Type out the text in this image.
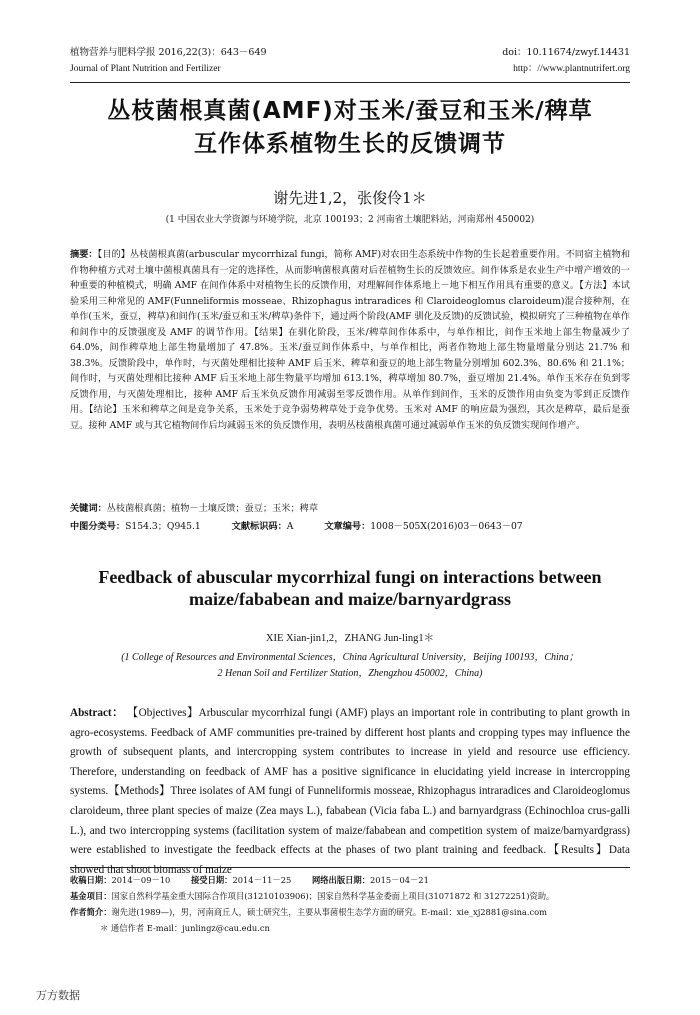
植物营养与肥料学报 2016,22(3)：643－649	doi：10.11674/zwyf.14431
Journal of Plant Nutrition and Fertilizer	http：//www.plantnutrifert.org
丛枝菌根真菌(AMF)对玉米/蚕豆和玉米/稗草
互作体系植物生长的反馈调节
谢先进1,2，张俊伶1＊
(1 中国农业大学资源与环境学院，北京 100193；2 河南省土壤肥料站，河南郑州 450002)
摘要：【目的】丛枝菌根真菌(arbuscular mycorrhizal fungi，简称 AMF)对农田生态系统中作物的生长起着重要作用。不同宿主植物和作物种植方式对土壤中菌根真菌具有一定的选择性，从而影响菌根真菌对后茬植物生长的反馈效应。间作体系是农业生产中增产增效的一种重要的种植模式，明确 AMF 在间作体系中对植物生长的反馈作用，对理解间作体系地上－地下相互作用具有重要的意义。【方法】本试验采用三种常见的 AMF(Funneliformis mosseae、Rhizophagus intraradices 和 Claroideoglomus claroideum)混合接种剂，在单作(玉米，蚕豆，稗草)和间作(玉米/蚕豆和玉米/稗草)条件下，通过两个阶段(AMF 驯化及反馈)的反馈试验，模拟研究了三种植物在单作和间作中的反馈强度及 AMF 的调节作用。【结果】在驯化阶段，玉米/稗草间作体系中，与单作相比，间作玉米地上部生物量减少了 64.0%，间作稗草地上部生物量增加了 47.8%。玉米/蚕豆间作体系中，与单作相比，两者作物地上部生物量增量分别达 21.7% 和 38.3%。反馈阶段中，单作时，与灭菌处理相比接种 AMF 后玉米、稗草和蚕豆的地上部生物量分别增加 602.3%、80.6% 和 21.1%；间作时，与灭菌处理相比接种 AMF 后玉米地上部生物量平均增加 613.1%，稗草增加 80.7%，蚕豆增加 21.4%。单作玉米存在负到零反馈作用，与灭菌处理相比，接种 AMF 后玉米负反馈作用减弱至零反馈作用。从单作到间作，玉米的反馈作用由负变为零到正反馈作用。【结论】玉米和稗草之间是竞争关系，玉米处于竞争弱势稗草处于竞争优势。玉米对 AMF 的响应最为强烈，其次是稗草，最后是蚕豆。接种 AMF 或与其它植物间作后均减弱玉米的负反馈作用，表明丛枝菌根真菌可通过减弱单作玉米的负反馈实现间作增产。
关键词：丛枝菌根真菌；植物－土壤反馈；蚕豆；玉米；稗草
中图分类号：S154.3；Q945.1	文献标识码：A	文章编号：1008－505X(2016)03－0643－07
Feedback of abuscular mycorrhizal fungi on interactions between
maize/fababean and maize/barnyardgrass
XIE Xian-jin1,2，ZHANG Jun-ling1＊
(1 College of Resources and Environmental Sciences，China Agricultural University，Beijing 100193，China；
2 Henan Soil and Fertilizer Station，Zhengzhou 450002，China)
Abstract： 【Objectives】Arbuscular mycorrhizal fungi (AMF) plays an important role in contributing to plant growth in agro-ecosystems. Feedback of AMF communities pre-trained by different host plants and cropping types may influence the growth of subsequent plants, and intercropping system contributes to increase in yield and resource use efficiency. Therefore, understanding on feedback of AMF has a positive significance in elucidating yield increase in intercropping systems.【Methods】Three isolates of AM fungi of Funneliformis mosseae, Rhizophagus intraradices and Claroideoglomus claroideum, three plant species of maize (Zea mays L.), fababean (Vicia faba L.) and barnyardgrass (Echinochloa crus-galli L.), and two intercropping systems (facilitation system of maize/fababean and competition system of maize/barnyardgrass) were established to investigate the feedback effects at the phases of two plant training and feedback.【Results】Data showed that shoot biomass of maize
收稿日期：2014－09－10 接受日期：2014－11－25 网络出版日期：2015－04－21
基金项目：国家自然科学基金重大国际合作项目(31210103906)；国家自然科学基金委面上项目(31071872 和 31272251)资助。
作者简介：谢先进(1989—)，男，河南商丘人，硕士研究生，主要从事菌根生态学方面的研究。E-mail：xie_xj2881@sina.com
＊ 通信作者 E-mail：junlingz@cau.edu.cn
万方数据
